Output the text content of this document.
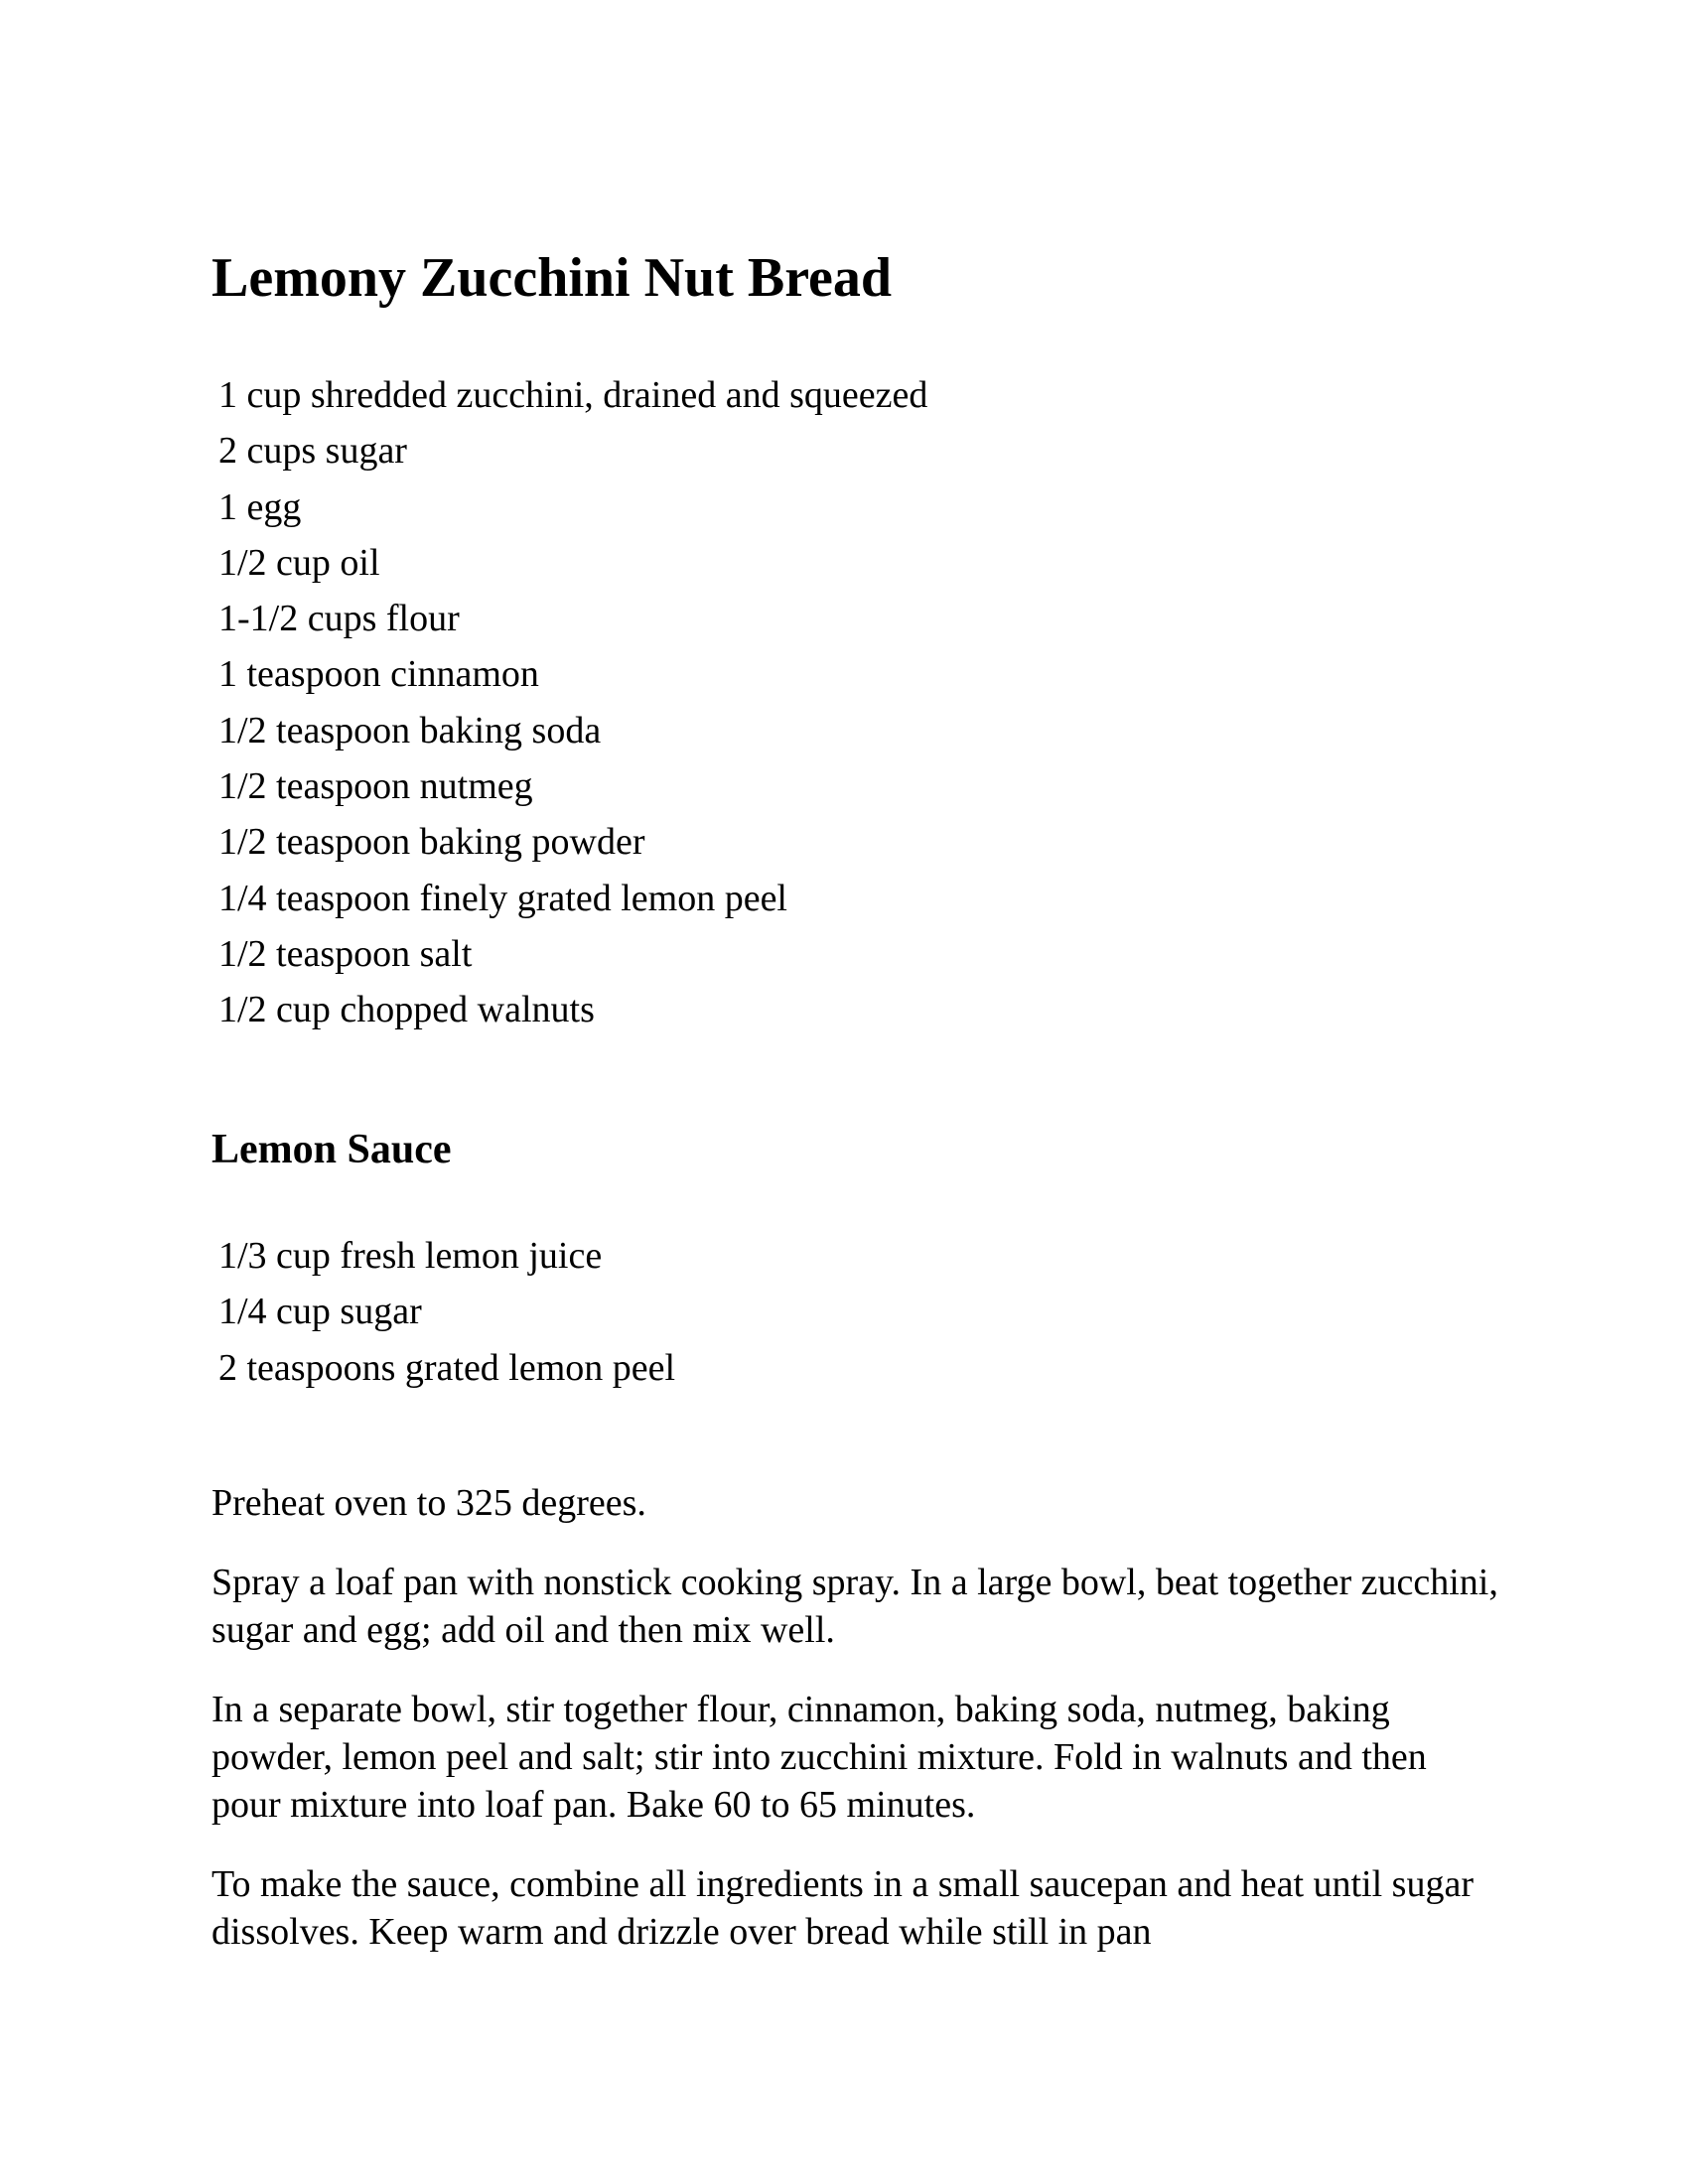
Lemony Zucchini Nut Bread
1 cup shredded zucchini, drained and squeezed
2 cups sugar
1 egg
1/2 cup oil
1-1/2 cups flour
1 teaspoon cinnamon
1/2 teaspoon baking soda
1/2 teaspoon nutmeg
1/2 teaspoon baking powder
1/4 teaspoon finely grated lemon peel
1/2 teaspoon salt
1/2 cup chopped walnuts
Lemon Sauce
1/3 cup fresh lemon juice
1/4 cup sugar
2 teaspoons grated lemon peel

Preheat oven to 325 degrees.

Spray a loaf pan with nonstick cooking spray. In a large bowl, beat together zucchini, sugar and egg; add oil and then mix well.

In a separate bowl, stir together flour, cinnamon, baking soda, nutmeg, baking powder, lemon peel and salt; stir into zucchini mixture. Fold in walnuts and then pour mixture into loaf pan. Bake 60 to 65 minutes.

To make the sauce, combine all ingredients in a small saucepan and heat until sugar dissolves. Keep warm and drizzle over bread while still in pan
